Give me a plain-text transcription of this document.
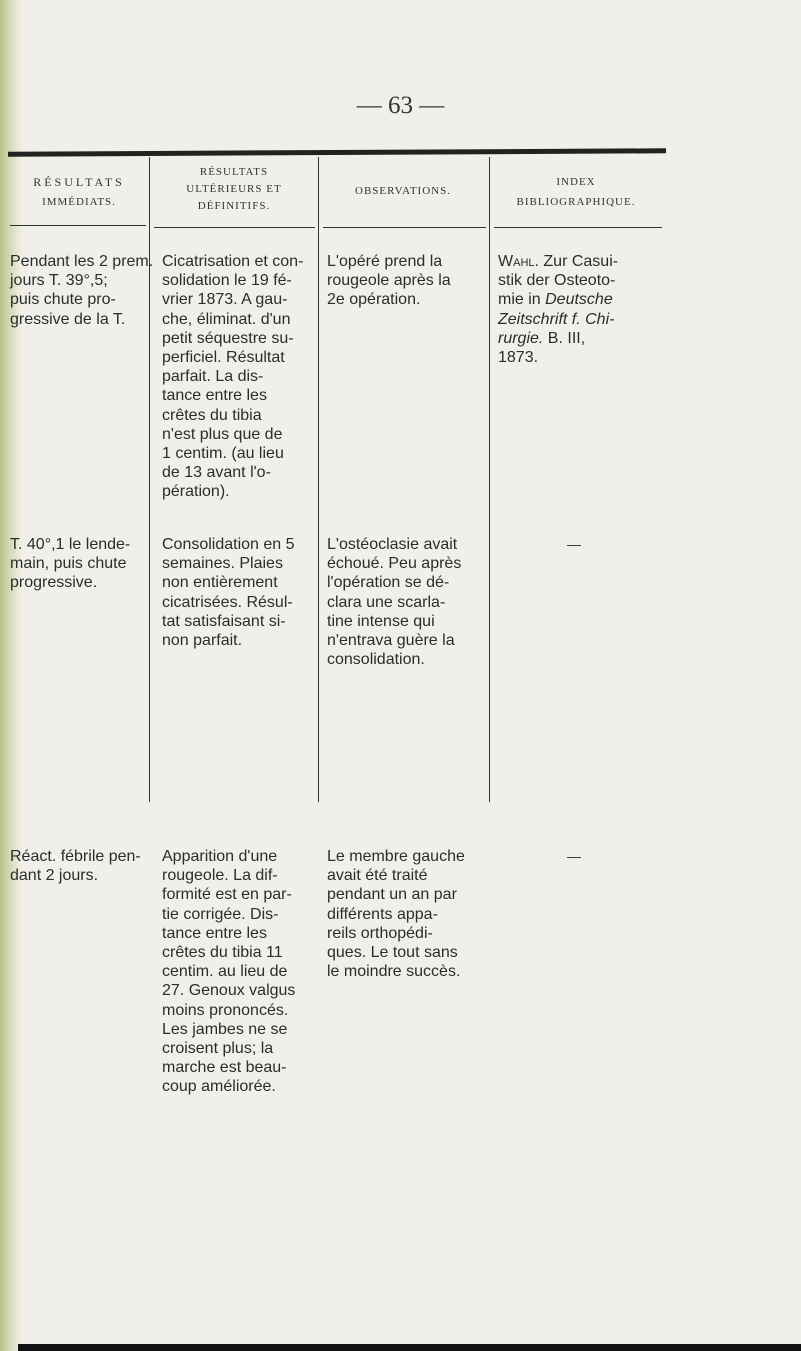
— 63 —
RÉSULTATS
IMMÉDIATS.
RÉSULTATS
ULTÉRIEURS ET
DÉFINITIFS.
OBSERVATIONS.
INDEX
BIBLIOGRAPHIQUE.
Pendant les 2 prem.
jours T. 39°,5;
puis chute pro-
gressive de la T.
Cicatrisation et con-
solidation le 19 fé-
vrier 1873. A gau-
che, éliminat. d'un
petit séquestre su-
perficiel. Résultat
parfait. La dis-
tance entre les
crêtes du tibia
n'est plus que de
1 centim. (au lieu
de 13 avant l'o-
pération).
L'opéré prend la
rougeole après la
2e opération.
Wahl. Zur Casui-
stik der Osteoto-
mie in Deutsche
Zeitschrift f. Chi-
rurgie. B. III,
1873.
T. 40°,1 le lende-
main, puis chute
progressive.
Consolidation en 5
semaines. Plaies
non entièrement
cicatrisées. Résul-
tat satisfaisant si-
non parfait.
L'ostéoclasie avait
échoué. Peu après
l'opération se dé-
clara une scarla-
tine intense qui
n'entrava guère la
consolidation.
—
Réact. fébrile pen-
dant 2 jours.
Apparition d'une
rougeole. La dif-
formité est en par-
tie corrigée. Dis-
tance entre les
crêtes du tibia 11
centim. au lieu de
27. Genoux valgus
moins prononcés.
Les jambes ne se
croisent plus; la
marche est beau-
coup améliorée.
Le membre gauche
avait été traité
pendant un an par
différents appa-
reils orthopédi-
ques. Le tout sans
le moindre succès.
—
